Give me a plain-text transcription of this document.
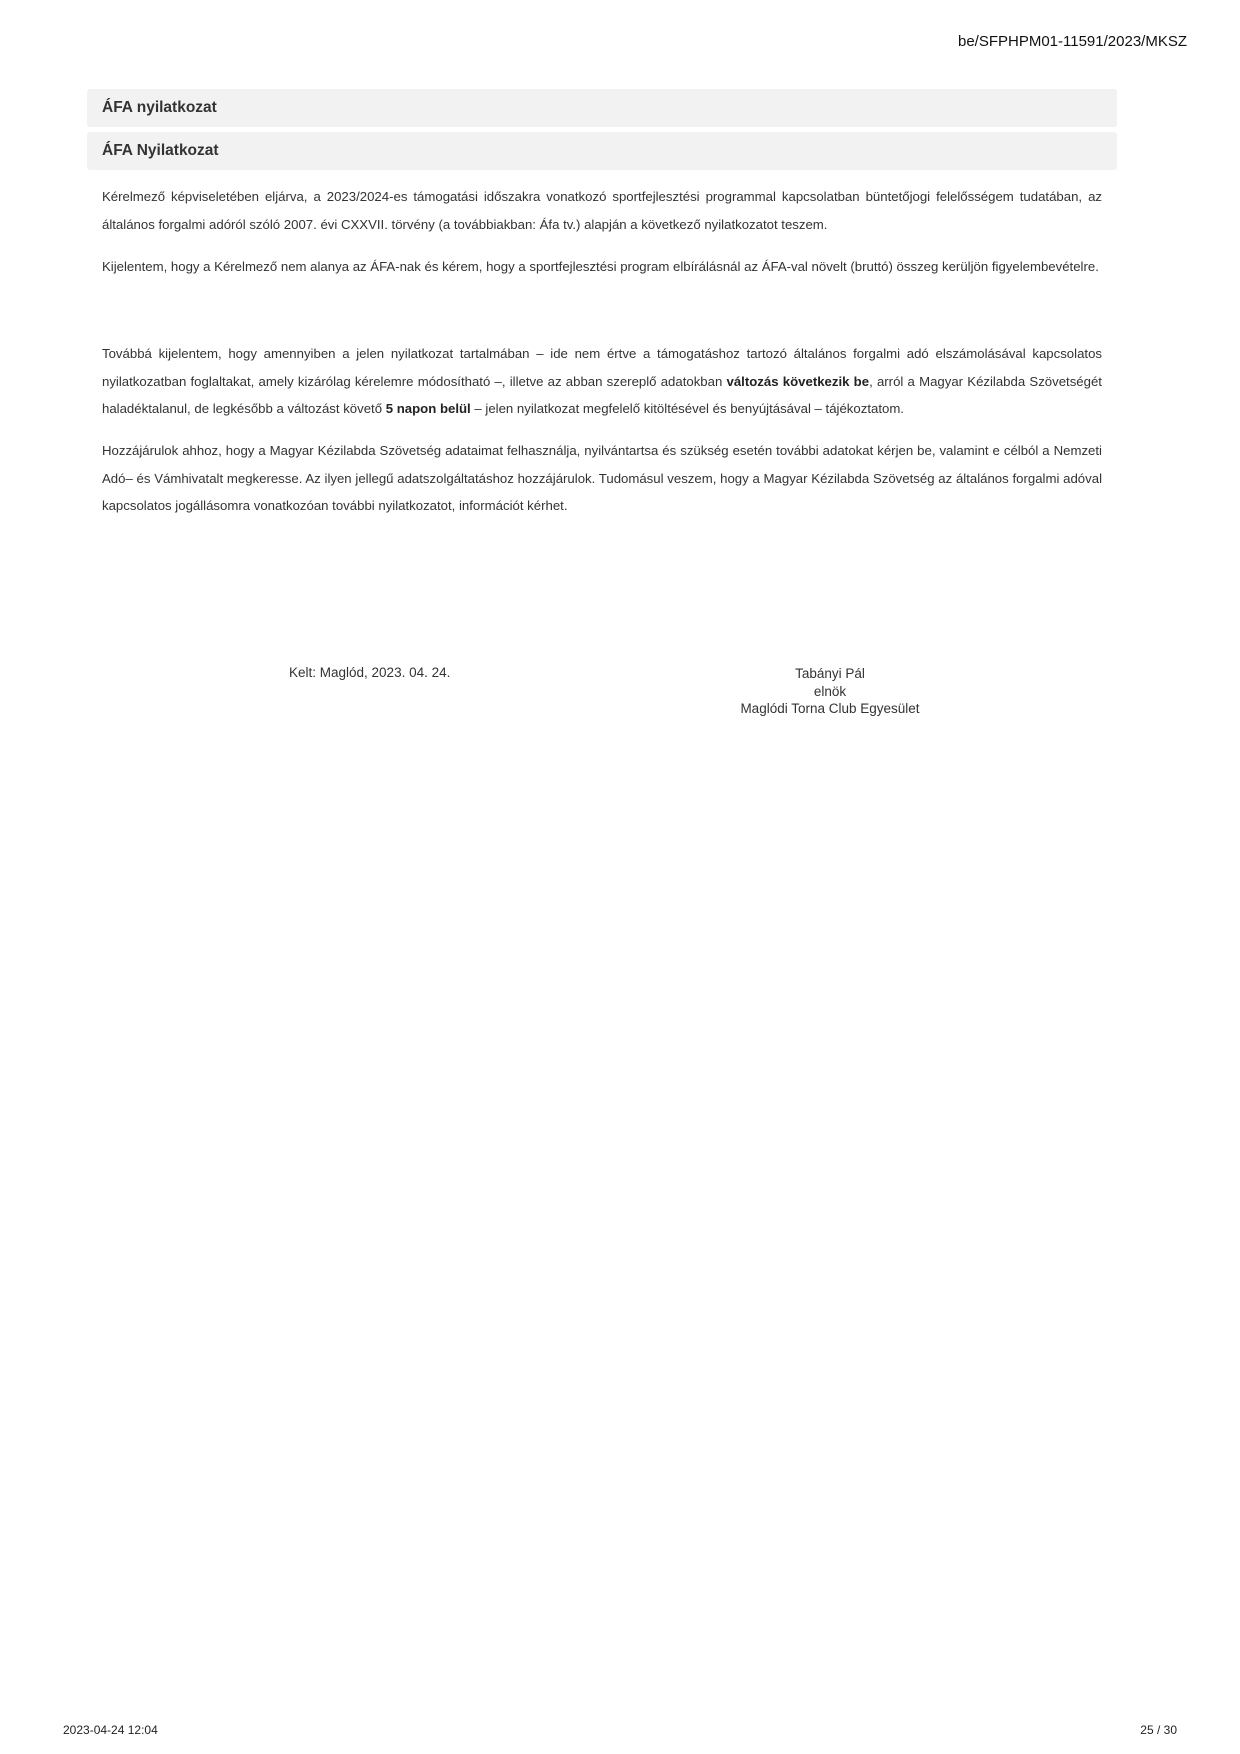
be/SFPHPM01-11591/2023/MKSZ
ÁFA nyilatkozat
ÁFA Nyilatkozat

Kérelmező képviseletében eljárva, a 2023/2024-es támogatási időszakra vonatkozó sportfejlesztési programmal kapcsolatban büntetőjogi felelősségem tudatában, az általános forgalmi adóról szóló 2007. évi CXXVII. törvény (a továbbiakban: Áfa tv.) alapján a következő nyilatkozatot teszem.

Kijelentem, hogy a Kérelmező nem alanya az ÁFA-nak és kérem, hogy a sportfejlesztési program elbírálásnál az ÁFA-val növelt (bruttó) összeg kerüljön figyelembevételre.

Továbbá kijelentem, hogy amennyiben a jelen nyilatkozat tartalmában – ide nem értve a támogatáshoz tartozó általános forgalmi adó elszámolásával kapcsolatos nyilatkozatban foglaltakat, amely kizárólag kérelemre módosítható –, illetve az abban szereplő adatokban változás következik be, arról a Magyar Kézilabda Szövetségét haladéktalanul, de legkésőbb a változást követő 5 napon belül – jelen nyilatkozat megfelelő kitöltésével és benyújtásával – tájékoztatom.

Hozzájárulok ahhoz, hogy a Magyar Kézilabda Szövetség adataimat felhasználja, nyilvántartsa és szükség esetén további adatokat kérjen be, valamint e célból a Nemzeti Adó– és Vámhivatalt megkeresse. Az ilyen jellegű adatszolgáltatáshoz hozzájárulok. Tudomásul veszem, hogy a Magyar Kézilabda Szövetség az általános forgalmi adóval kapcsolatos jogállásomra vonatkozóan további nyilatkozatot, információt kérhet.

Kelt: Maglód, 2023. 04. 24.	Tabányi Pál
elnök
Maglódi Torna Club Egyesület
2023-04-24 12:04	25 / 30
